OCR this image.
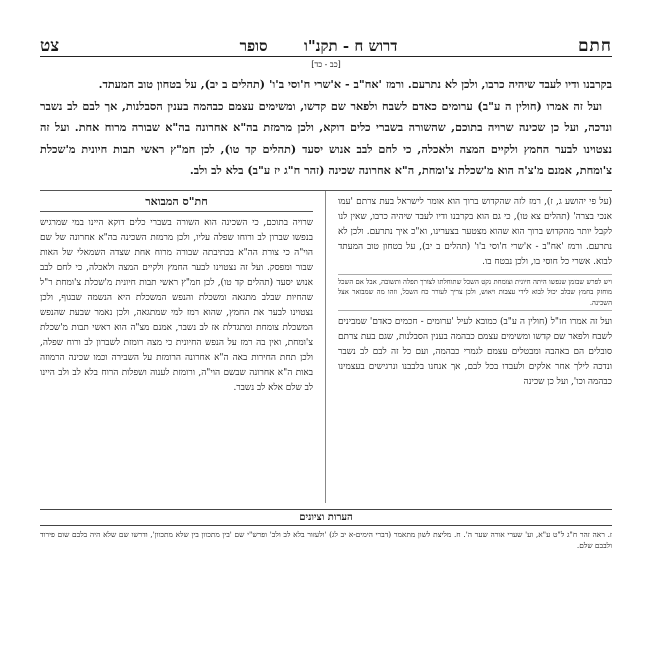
חתם
דרוש ח - תקנ"ו  סופר
צט
[כב - כד]

בקרבנו ודיו לעבד שיהיה כרבו, ולכן לא נתרעם. ורמז 'אח"ב - א'שרי ח'וסי ב'ו' (תהלים ב יב), על בטחון טוב המעתד.

ועל זה אמרו (חולין ה ע"ב) ערומים כאדם לשבח ולפאר שם קדשו, ומשימים עצמם כבהמה בענין הסבלנות, אך לבם לב נשבר ונדכה, ועל כן שכינה שרויה בתוכם, שהשורה בשברי כלים דוקא, ולכן מרמזת בה"א אחרונה בה"א שבורה מרוח אחת. ועל זה נצטוינו לבער החמץ ולקיים המצה ולאכלה, כי לחם לבב אנוש יסעד (תהלים קד טו), לכן חמ"ץ ראשי תבות חיונית מ'שכלת צ'ומחת, אמנם מ'צ'ה הוא מ'שכלת צ'ומחת, ה"א אחרונה שכינה (זהר ח"ג יז ע"ב) בלא לב ולב.

(על פי יהושע ג, ז), רמז לזה שהקדוש ברוך הוא אומר לישראל בעת צרתם 'עמו אנכי בצרה' (תהלים צא טו), כי גם הוא בקרבנו ודיו לעבד שיהיה כרבו, שאין לנו לקבל יותר מהקדוש ברוך הוא שהוא מצטער בצערינו, וא"כ איך נתרעם. ולכן לא נתרעם. ורמז 'אח"ב - א'שרי ח'וסי ב'ו' (תהלים ב יב), על בטחון טוב המעתד לבוא. אשרי כל חוסי בו, ולכן נבטח בו.
ויש לפרש שבזמן שנפשו היתה חיונית וצומחת נקט השכל שתוחלתו לצורך תפלה ותשובה, אבל אם השכל מוחזק בחמץ שבלב יכול לבוא לידי עצבות ויאוש, ולכן צריך לעורר כח השכל, וזהו מה שמבואר אצל השכינה.
ועל זה אמרו חז"ל (חולין ה ע"ב) כמובא לעיל 'ערומים - חכמים כאדם' שמבינים לשבח ולפאר שם קדשו ומשימים עצמם כבהמה בענין הסבלנות, שגם בעת צרתם סובלים הם באהבה ומבטלים עצמם לגמרי כבהמה, ועם כל זה לבם לב נשבר ונדכה לילך אחר אלקים ולעבדו בכל לבם, אך אנחנו בלבבנו ונרגישים בעצמינו כבהמה וכו', ועל כן שכינה
חת"ס המבואר
שרויה בתוכם, כי השכינה הוא השורה בשברי כלים דוקא היינו במי שמרגיש בנפשו שברון לב ורוחו שפלה עליו, ולכן מרמזת השכינה בה"א אחרונה של שם הוי"ה כי צורת הה"א בכתיבתה שבורה מרוח אחת שצדה השמאלי של האות שבור ומפסק. ועל זה נצטוינו לבער החמץ ולקיים המצה ולאכלה, כי לחם לבב אנוש יסעד (תהלים קד טו), לכן חמ"ץ ראשי תבות חיונית מ'שכלת צ'ומחת ר"ל שהחיות שבלב מתגאה ומשכלת והנפש המשכלת היא הנשמה שבגוף, ולכן נצטוינו לבער את החמץ, שהוא רמז למי שמתגאה, ולכן נאמר שבעת שהנפש המשכלת צומחת ומתגדלת אז לב נשבר, אמנם מצ"ה הוא ראשי תבות מ'שכלת צ'ומחת, ואין בה רמז על הנפש החיונית כי מצה רומזת לשברון לב ורוח שפלה, ולכן תחת החירות באה ה"א אחרונה הרומזת על השבירה וכמו שכינה הרמוזה באות ה"א אחרונה שבשם הוי"ה, ורומזת לענוה ושפלות הרוח בלא לב ולב היינו לב שלם אלא לב נשבר.
הערות וציונים
ז. ראה זהר ח"ג ל"ט ע"א, וע' שערי אורה שער ה'. ח. מליצת לשון מתאמר (דברי הימים-א יב לג) 'ולעזור בלא לב ולב' ופרש"י שם 'בין מתכוון בין שלא מתכוון', ודרשו שם שלא היה בלבם שום פירוד ולבבם שלם.
